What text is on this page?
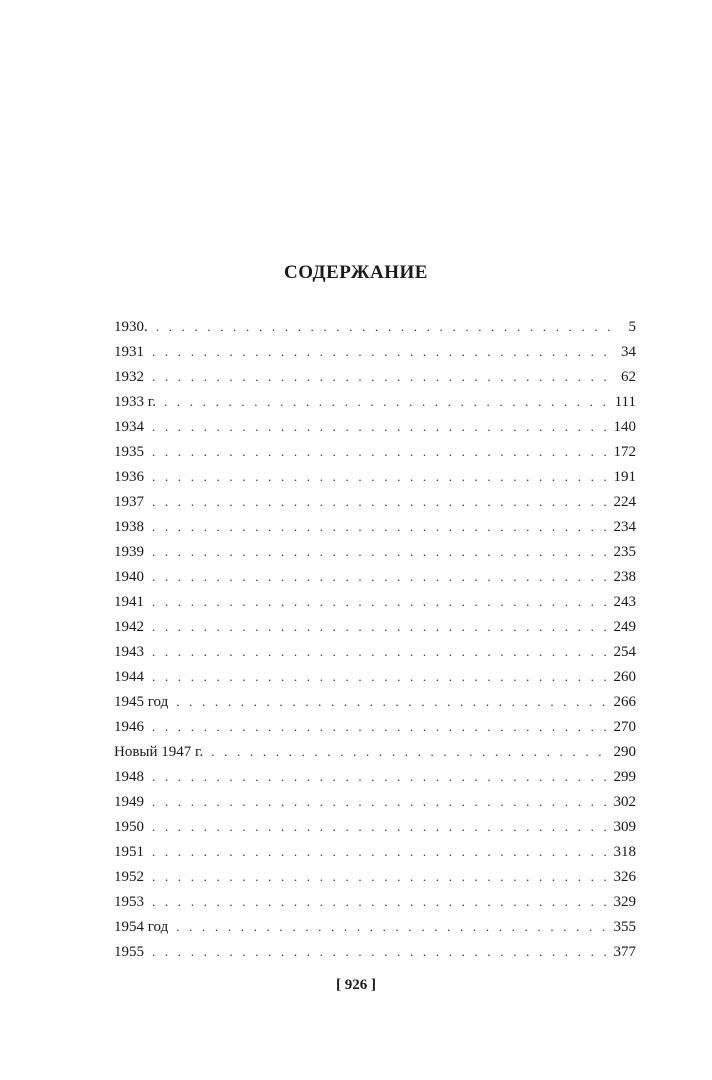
СОДЕРЖАНИЕ
1930. . . .	5
1931 . . .	34
1932 . . .	62
1933 г. . . .	111
1934 . . .	140
1935 . . .	172
1936 . . .	191
1937 . . .	224
1938 . . .	234
1939 . . .	235
1940 . . .	238
1941 . . .	243
1942 . . .	249
1943 . . .	254
1944 . . .	260
1945 год . . .	266
1946 . . .	270
Новый 1947 г. . . .	290
1948 . . .	299
1949 . . .	302
1950 . . .	309
1951 . . .	318
1952 . . .	326
1953 . . .	329
1954 год . . .	355
1955 . . .	377
[ 926 ]
